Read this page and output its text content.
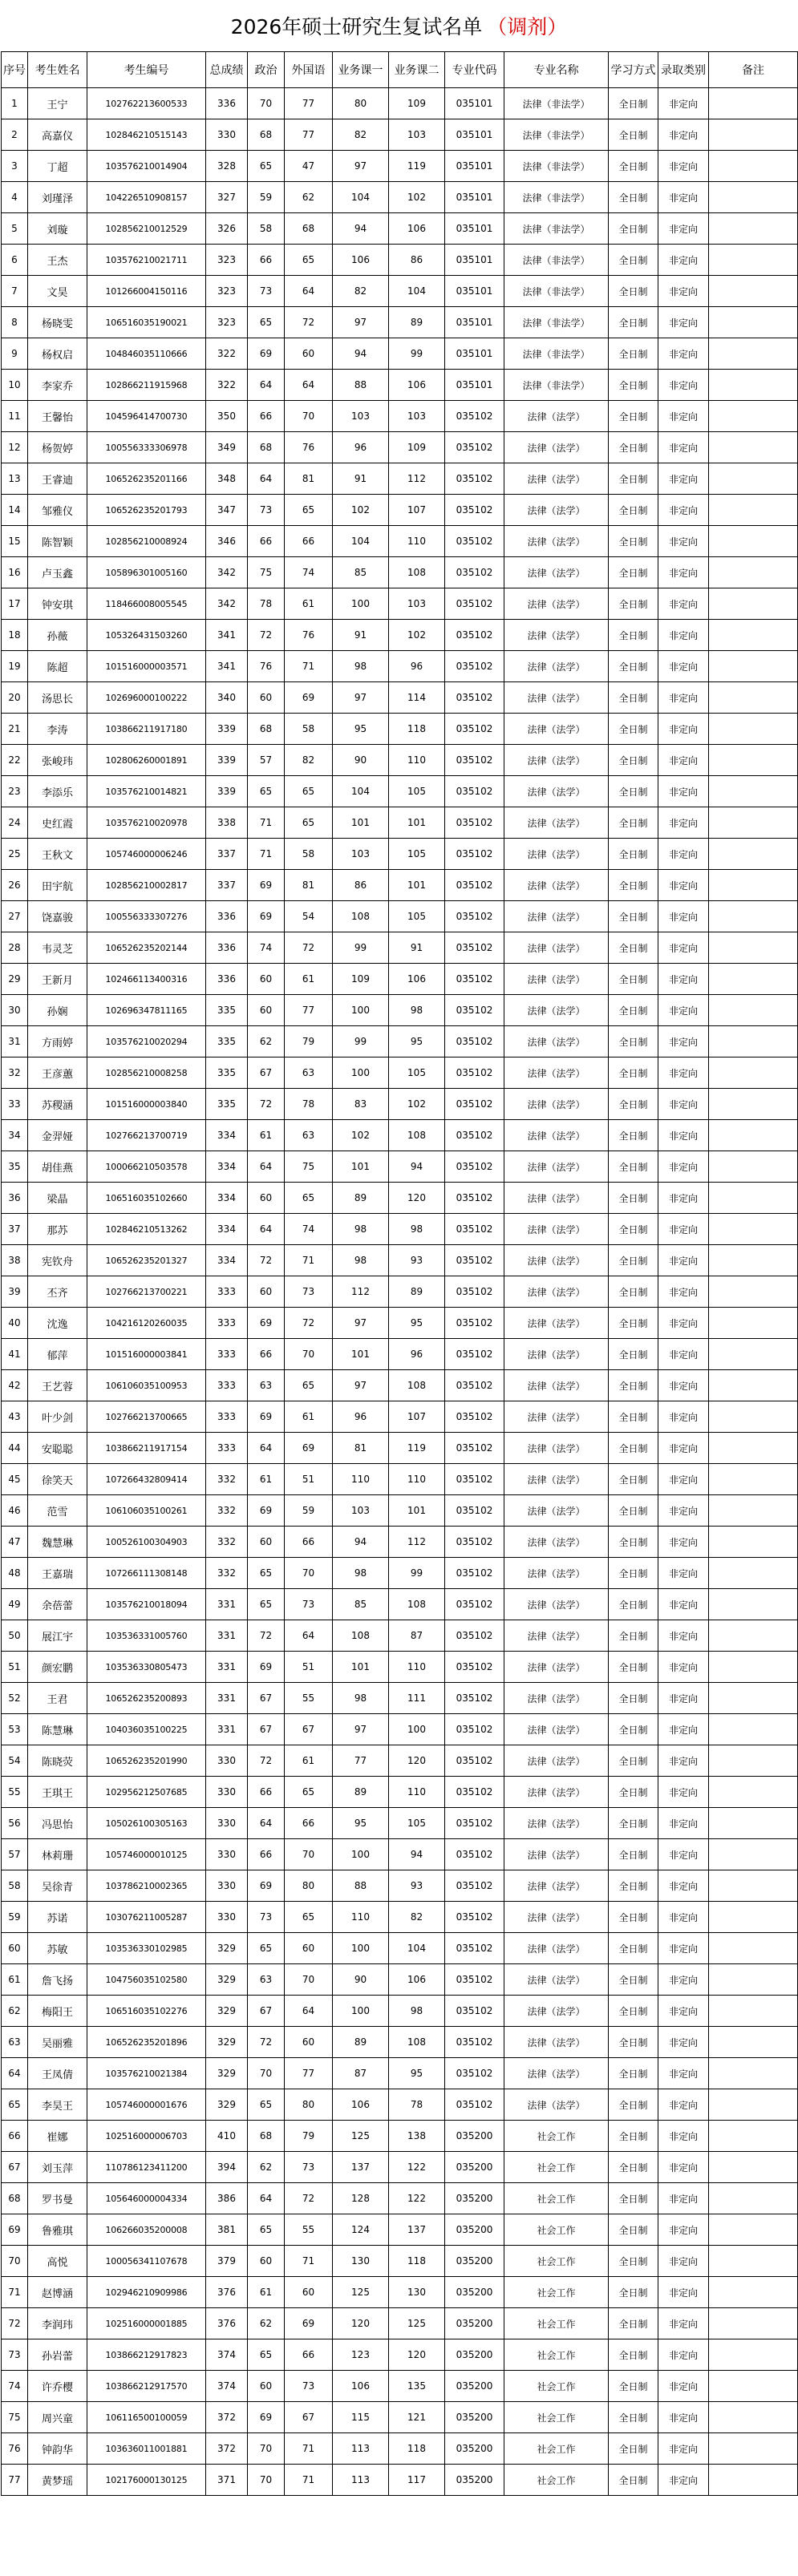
2026年硕士研究生复试名单 （调剂）
序号	考生姓名	考生编号	总成绩	政治	外国语	业务课一	业务课二	专业代码	专业名称	学习方式	录取类别	备注
1	王宁	102762213600533	336	70	77	80	109	035101	法律（非法学）	全日制	非定向	
2	高嘉仪	102846210515143	330	68	77	82	103	035101	法律（非法学）	全日制	非定向	
3	丁超	103576210014904	328	65	47	97	119	035101	法律（非法学）	全日制	非定向	
4	刘瑾泽	104226510908157	327	59	62	104	102	035101	法律（非法学）	全日制	非定向	
5	刘璇	102856210012529	326	58	68	94	106	035101	法律（非法学）	全日制	非定向	
6	王杰	103576210021711	323	66	65	106	86	035101	法律（非法学）	全日制	非定向	
7	文昊	101266004150116	323	73	64	82	104	035101	法律（非法学）	全日制	非定向	
8	杨晓雯	106516035190021	323	65	72	97	89	035101	法律（非法学）	全日制	非定向	
9	杨权启	104846035110666	322	69	60	94	99	035101	法律（非法学）	全日制	非定向	
10	李家乔	102866211915968	322	64	64	88	106	035101	法律（非法学）	全日制	非定向	
11	王馨怡	104596414700730	350	66	70	103	103	035102	法律（法学）	全日制	非定向	
12	杨贺婷	100556333306978	349	68	76	96	109	035102	法律（法学）	全日制	非定向	
13	王睿迪	106526235201166	348	64	81	91	112	035102	法律（法学）	全日制	非定向	
14	邹雅仪	106526235201793	347	73	65	102	107	035102	法律（法学）	全日制	非定向	
15	陈智颖	102856210008924	346	66	66	104	110	035102	法律（法学）	全日制	非定向	
16	卢玉鑫	105896301005160	342	75	74	85	108	035102	法律（法学）	全日制	非定向	
17	钟安琪	118466008005545	342	78	61	100	103	035102	法律（法学）	全日制	非定向	
18	孙薇	105326431503260	341	72	76	91	102	035102	法律（法学）	全日制	非定向	
19	陈超	101516000003571	341	76	71	98	96	035102	法律（法学）	全日制	非定向	
20	汤思长	102696000100222	340	60	69	97	114	035102	法律（法学）	全日制	非定向	
21	李涛	103866211917180	339	68	58	95	118	035102	法律（法学）	全日制	非定向	
22	张峻玮	102806260001891	339	57	82	90	110	035102	法律（法学）	全日制	非定向	
23	李添乐	103576210014821	339	65	65	104	105	035102	法律（法学）	全日制	非定向	
24	史红霞	103576210020978	338	71	65	101	101	035102	法律（法学）	全日制	非定向	
25	王秋文	105746000006246	337	71	58	103	105	035102	法律（法学）	全日制	非定向	
26	田宇航	102856210002817	337	69	81	86	101	035102	法律（法学）	全日制	非定向	
27	饶嘉骏	100556333307276	336	69	54	108	105	035102	法律（法学）	全日制	非定向	
28	韦灵芝	106526235202144	336	74	72	99	91	035102	法律（法学）	全日制	非定向	
29	王新月	102466113400316	336	60	61	109	106	035102	法律（法学）	全日制	非定向	
30	孙娴	102696347811165	335	60	77	100	98	035102	法律（法学）	全日制	非定向	
31	方雨婷	103576210020294	335	62	79	99	95	035102	法律（法学）	全日制	非定向	
32	王彦蕙	102856210008258	335	67	63	100	105	035102	法律（法学）	全日制	非定向	
33	苏稷涵	101516000003840	335	72	78	83	102	035102	法律（法学）	全日制	非定向	
34	金羿娅	102766213700719	334	61	63	102	108	035102	法律（法学）	全日制	非定向	
35	胡佳燕	100066210503578	334	64	75	101	94	035102	法律（法学）	全日制	非定向	
36	梁晶	106516035102660	334	60	65	89	120	035102	法律（法学）	全日制	非定向	
37	那苏	102846210513262	334	64	74	98	98	035102	法律（法学）	全日制	非定向	
38	宪钦舟	106526235201327	334	72	71	98	93	035102	法律（法学）	全日制	非定向	
39	丕齐	102766213700221	333	60	73	112	89	035102	法律（法学）	全日制	非定向	
40	沈逸	104216120260035	333	69	72	97	95	035102	法律（法学）	全日制	非定向	
41	郁萍	101516000003841	333	66	70	101	96	035102	法律（法学）	全日制	非定向	
42	王艺蓉	106106035100953	333	63	65	97	108	035102	法律（法学）	全日制	非定向	
43	叶少剑	102766213700665	333	69	61	96	107	035102	法律（法学）	全日制	非定向	
44	安聪聪	103866211917154	333	64	69	81	119	035102	法律（法学）	全日制	非定向	
45	徐笑天	107266432809414	332	61	51	110	110	035102	法律（法学）	全日制	非定向	
46	范雪	106106035100261	332	69	59	103	101	035102	法律（法学）	全日制	非定向	
47	魏慧琳	100526100304903	332	60	66	94	112	035102	法律（法学）	全日制	非定向	
48	王嘉瑞	107266111308148	332	65	70	98	99	035102	法律（法学）	全日制	非定向	
49	余蓓蕾	103576210018094	331	65	73	85	108	035102	法律（法学）	全日制	非定向	
50	展江宇	103536331005760	331	72	64	108	87	035102	法律（法学）	全日制	非定向	
51	颜宏鹏	103536330805473	331	69	51	101	110	035102	法律（法学）	全日制	非定向	
52	王君	106526235200893	331	67	55	98	111	035102	法律（法学）	全日制	非定向	
53	陈慧琳	104036035100225	331	67	67	97	100	035102	法律（法学）	全日制	非定向	
54	陈晓荧	106526235201990	330	72	61	77	120	035102	法律（法学）	全日制	非定向	
55	王琪王	102956212507685	330	66	65	89	110	035102	法律（法学）	全日制	非定向	
56	冯思怡	105026100305163	330	64	66	95	105	035102	法律（法学）	全日制	非定向	
57	林莉珊	105746000010125	330	66	70	100	94	035102	法律（法学）	全日制	非定向	
58	吴徐青	103786210002365	330	69	80	88	93	035102	法律（法学）	全日制	非定向	
59	苏诺	103076211005287	330	73	65	110	82	035102	法律（法学）	全日制	非定向	
60	苏敏	103536330102985	329	65	60	100	104	035102	法律（法学）	全日制	非定向	
61	詹飞扬	104756035102580	329	63	70	90	106	035102	法律（法学）	全日制	非定向	
62	梅阳王	106516035102276	329	67	64	100	98	035102	法律（法学）	全日制	非定向	
63	吴丽雅	106526235201896	329	72	60	89	108	035102	法律（法学）	全日制	非定向	
64	王凤倩	103576210021384	329	70	77	87	95	035102	法律（法学）	全日制	非定向	
65	李昊王	105746000001676	329	65	80	106	78	035102	法律（法学）	全日制	非定向	
66	崔娜	102516000006703	410	68	79	125	138	035200	社会工作	全日制	非定向	
67	刘玉萍	110786123411200	394	62	73	137	122	035200	社会工作	全日制	非定向	
68	罗书曼	105646000004334	386	64	72	128	122	035200	社会工作	全日制	非定向	
69	鲁雅琪	106266035200008	381	65	55	124	137	035200	社会工作	全日制	非定向	
70	高悦	100056341107678	379	60	71	130	118	035200	社会工作	全日制	非定向	
71	赵博涵	102946210909986	376	61	60	125	130	035200	社会工作	全日制	非定向	
72	李润玮	102516000001885	376	62	69	120	125	035200	社会工作	全日制	非定向	
73	孙岩蕾	103866212917823	374	65	66	123	120	035200	社会工作	全日制	非定向	
74	许乔樱	103866212917570	374	60	73	106	135	035200	社会工作	全日制	非定向	
75	周兴童	106116500100059	372	69	67	115	121	035200	社会工作	全日制	非定向	
76	钟韵华	103636011001881	372	70	71	113	118	035200	社会工作	全日制	非定向	
77	黄梦瑶	102176000130125	371	70	71	113	117	035200	社会工作	全日制	非定向	
